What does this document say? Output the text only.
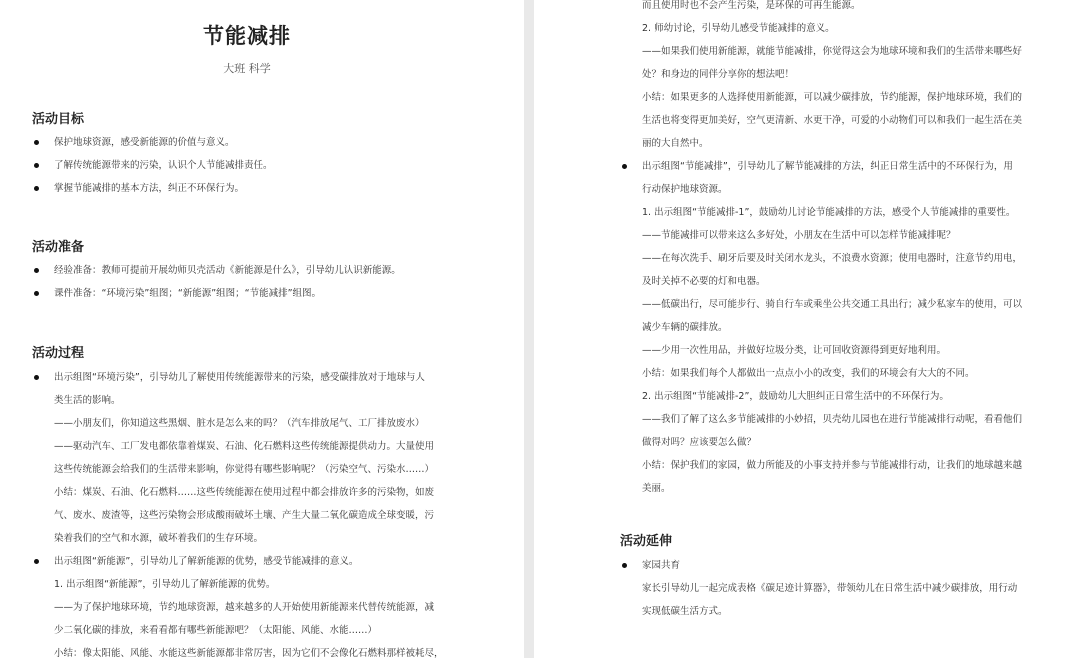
节能减排
大班 科学
活动目标
保护地球资源，感受新能源的价值与意义。
了解传统能源带来的污染，认识个人节能减排责任。
掌握节能减排的基本方法，纠正不环保行为。
活动准备
经验准备：教师可提前开展幼师贝壳活动《新能源是什么》，引导幼儿认识新能源。
课件准备：“环境污染”组图；“新能源”组图；“节能减排”组图。
活动过程
出示组图“环境污染”，引导幼儿了解使用传统能源带来的污染，感受碳排放对于地球与人
类生活的影响。
——小朋友们，你知道这些黑烟、脏水是怎么来的吗？（汽车排放尾气、工厂排放废水）
——驱动汽车、工厂发电都依靠着煤炭、石油、化石燃料这些传统能源提供动力。大量使用
这些传统能源会给我们的生活带来影响，你觉得有哪些影响呢？（污染空气、污染水……）
小结：煤炭、石油、化石燃料……这些传统能源在使用过程中都会排放许多的污染物，如废
气、废水、废渣等，这些污染物会形成酸雨破坏土壤、产生大量二氧化碳造成全球变暖，污
染着我们的空气和水源，破坏着我们的生存环境。
出示组图“新能源”，引导幼儿了解新能源的优势，感受节能减排的意义。
1. 出示组图“新能源”，引导幼儿了解新能源的优势。
——为了保护地球环境，节约地球资源，越来越多的人开始使用新能源来代替传统能源，减
少二氧化碳的排放，来看看都有哪些新能源吧？（太阳能、风能、水能……）
小结：像太阳能、风能、水能这些新能源都非常厉害，因为它们不会像化石燃料那样被耗尽，
而且使用时也不会产生污染，是环保的可再生能源。
2. 师幼讨论，引导幼儿感受节能减排的意义。
——如果我们使用新能源，就能节能减排，你觉得这会为地球环境和我们的生活带来哪些好
处？和身边的同伴分享你的想法吧！
小结：如果更多的人选择使用新能源，可以减少碳排放，节约能源，保护地球环境，我们的
生活也将变得更加美好，空气更清新、水更干净，可爱的小动物们可以和我们一起生活在美
丽的大自然中。
出示组图“节能减排”，引导幼儿了解节能减排的方法，纠正日常生活中的不环保行为，用
行动保护地球资源。
1. 出示组图“节能减排-1”，鼓励幼儿讨论节能减排的方法，感受个人节能减排的重要性。
——节能减排可以带来这么多好处，小朋友在生活中可以怎样节能减排呢？
——在每次洗手、刷牙后要及时关闭水龙头，不浪费水资源；使用电器时，注意节约用电，
及时关掉不必要的灯和电器。
——低碳出行，尽可能步行、骑自行车或乘坐公共交通工具出行；减少私家车的使用，可以
减少车辆的碳排放。
——少用一次性用品，并做好垃圾分类，让可回收资源得到更好地利用。
小结：如果我们每个人都做出一点点小小的改变，我们的环境会有大大的不同。
2. 出示组图“节能减排-2”，鼓励幼儿大胆纠正日常生活中的不环保行为。
——我们了解了这么多节能减排的小妙招，贝壳幼儿园也在进行节能减排行动呢，看看他们
做得对吗？应该要怎么做？
小结：保护我们的家园，做力所能及的小事支持并参与节能减排行动，让我们的地球越来越
美丽。
活动延伸
家园共育
家长引导幼儿一起完成表格《碳足迹计算器》，带领幼儿在日常生活中减少碳排放，用行动
实现低碳生活方式。
